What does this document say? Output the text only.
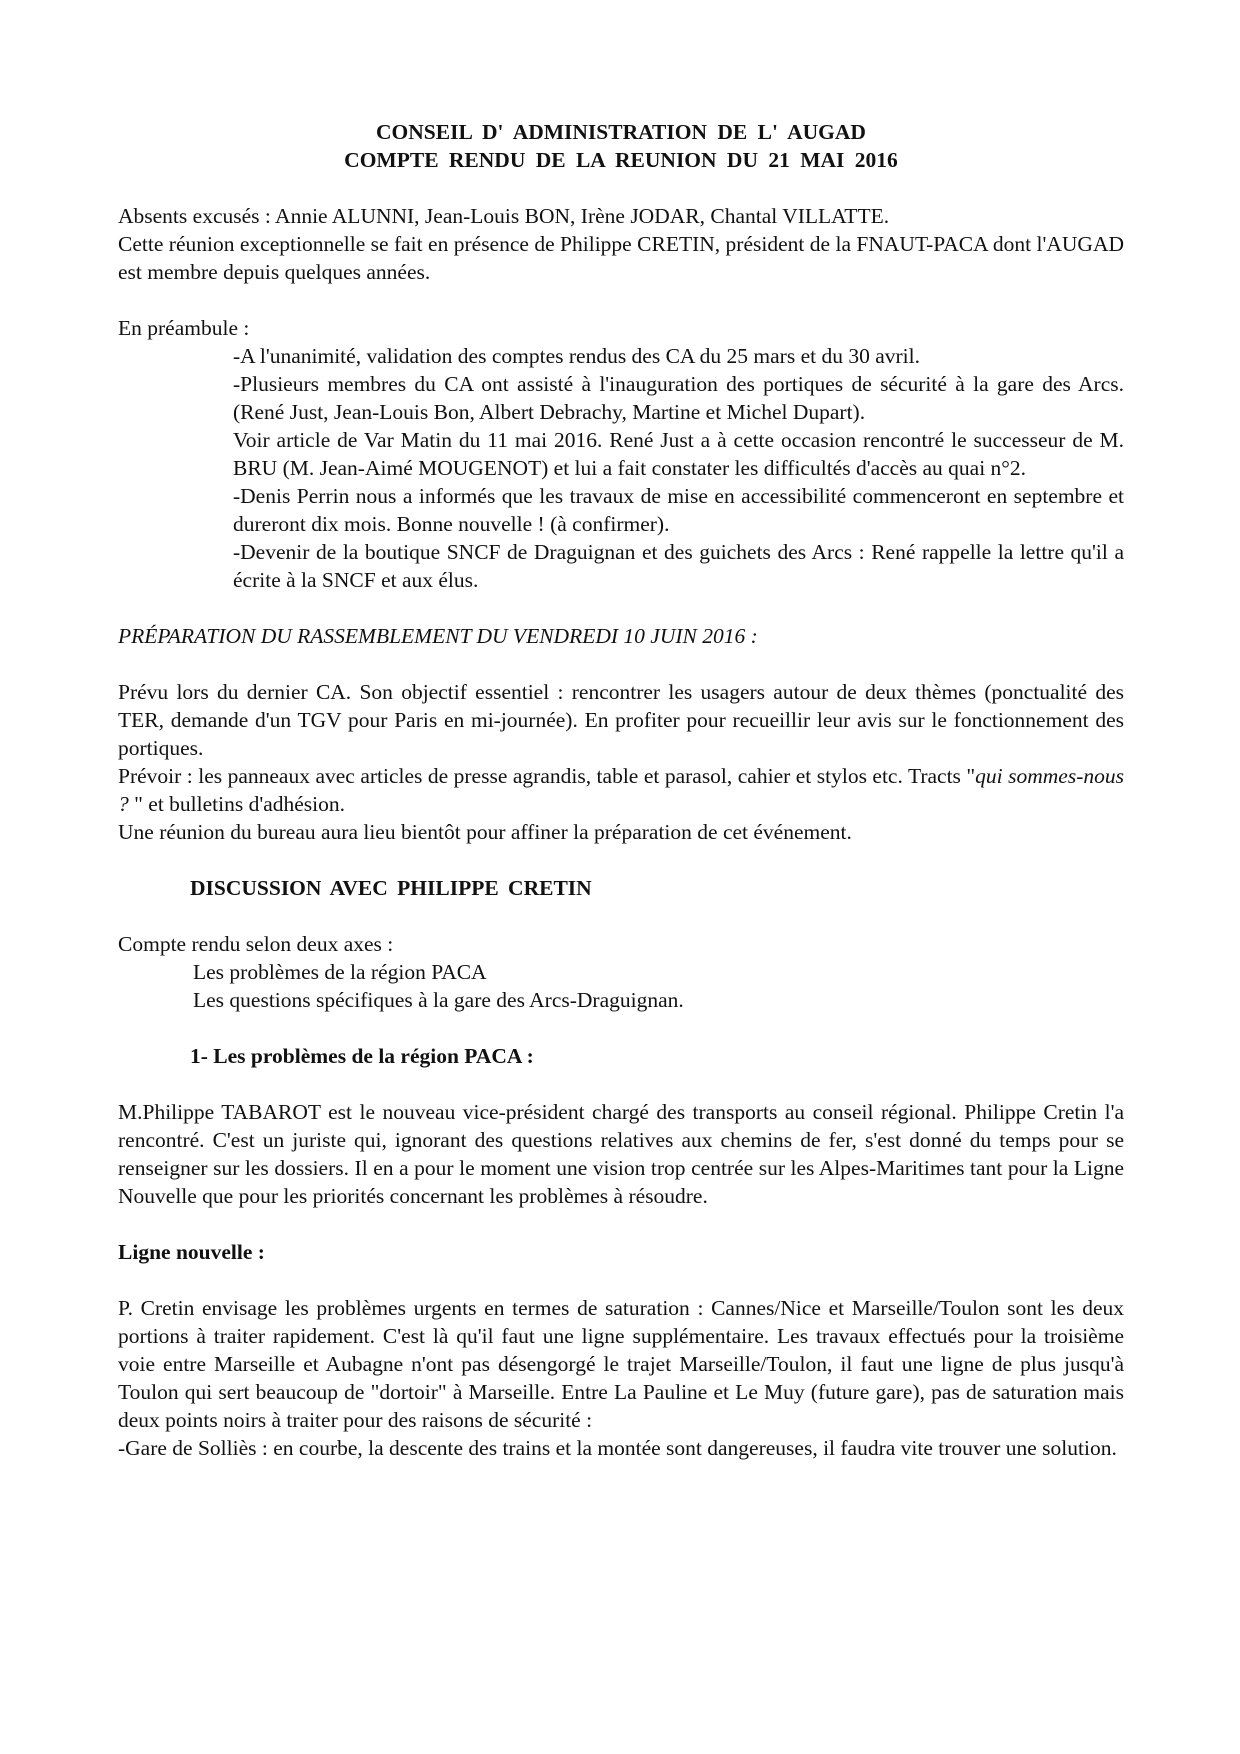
CONSEIL D' ADMINISTRATION DE L' AUGAD

COMPTE RENDU DE LA REUNION DU 21 MAI 2016

Absents excusés : Annie ALUNNI, Jean-Louis BON, Irène JODAR, Chantal VILLATTE.

Cette réunion exceptionnelle se fait en présence de Philippe CRETIN, président de la FNAUT-PACA dont l'AUGAD est membre depuis quelques années.

En préambule :

-A l'unanimité, validation des comptes rendus des CA du 25 mars et du 30 avril.

-Plusieurs membres du CA ont assisté à l'inauguration des portiques de sécurité à la gare des Arcs. (René Just, Jean-Louis Bon, Albert Debrachy, Martine et Michel Dupart).

Voir article de Var Matin du 11 mai 2016. René Just a à cette occasion rencontré le successeur de M. BRU (M. Jean-Aimé MOUGENOT) et lui a fait constater les difficultés d'accès au quai n°2.

-Denis Perrin nous a informés que les travaux de mise en accessibilité commenceront en septembre et dureront dix mois. Bonne nouvelle ! (à confirmer).

-Devenir de la boutique SNCF de Draguignan et des guichets des Arcs : René rappelle la lettre qu'il a écrite à la SNCF et aux élus.

PRÉPARATION DU RASSEMBLEMENT DU VENDREDI 10 JUIN 2016 :

Prévu lors du dernier CA. Son objectif essentiel : rencontrer les usagers autour de deux thèmes (ponctualité des TER, demande d'un TGV pour Paris en mi-journée). En profiter pour recueillir leur avis sur le fonctionnement des portiques.

Prévoir : les panneaux avec articles de presse agrandis, table et parasol, cahier et stylos etc. Tracts "qui sommes-nous ? " et bulletins d'adhésion.

Une réunion du bureau aura lieu bientôt pour affiner la préparation de cet événement.

DISCUSSION AVEC PHILIPPE CRETIN

Compte rendu selon deux axes :

Les problèmes de la région PACA

Les questions spécifiques à la gare des Arcs-Draguignan.

1- Les problèmes de la région PACA :

M.Philippe TABAROT est le nouveau vice-président chargé des transports au conseil régional. Philippe Cretin l'a rencontré. C'est un juriste qui, ignorant des questions relatives aux chemins de fer, s'est donné du temps pour se renseigner sur les dossiers. Il en a pour le moment une vision trop centrée sur les Alpes-Maritimes tant pour la Ligne Nouvelle que pour les priorités concernant les problèmes à résoudre.

Ligne nouvelle :

P. Cretin envisage les problèmes urgents en termes de saturation : Cannes/Nice et Marseille/Toulon sont les deux portions à traiter rapidement. C'est là qu'il faut une ligne supplémentaire. Les travaux effectués pour la troisième voie entre Marseille et Aubagne n'ont pas désengorgé le trajet Marseille/Toulon, il faut une ligne de plus jusqu'à Toulon qui sert beaucoup de "dortoir" à Marseille. Entre La Pauline et Le Muy (future gare), pas de saturation mais deux points noirs à traiter pour des raisons de sécurité :

-Gare de Solliès : en courbe, la descente des trains et la montée sont dangereuses, il faudra vite trouver une solution.
